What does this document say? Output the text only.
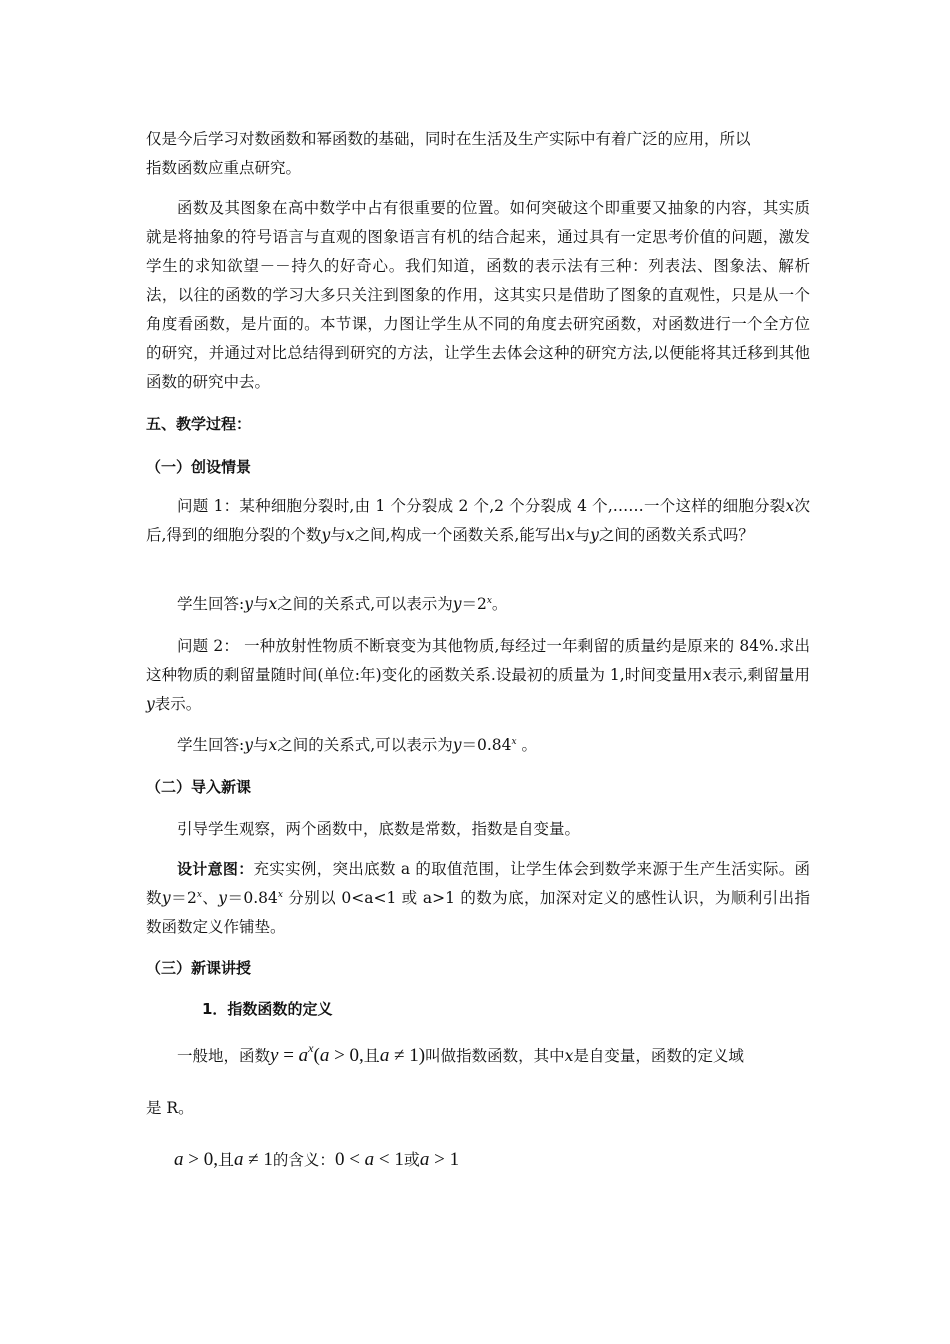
仅是今后学习对数函数和幂函数的基础，同时在生活及生产实际中有着广泛的应用，所以
指数函数应重点研究。

函数及其图象在高中数学中占有很重要的位置。如何突破这个即重要又抽象的内容，其实质就是将抽象的符号语言与直观的图象语言有机的结合起来，通过具有一定思考价值的问题，激发学生的求知欲望－－持久的好奇心。我们知道，函数的表示法有三种：列表法、图象法、解析法，以往的函数的学习大多只关注到图象的作用，这其实只是借助了图象的直观性，只是从一个角度看函数，是片面的。本节课，力图让学生从不同的角度去研究函数，对函数进行一个全方位的研究，并通过对比总结得到研究的方法，让学生去体会这种的研究方法,以便能将其迁移到其他函数的研究中去。

五、教学过程：

（一）创设情景

问题 1：某种细胞分裂时,由 1 个分裂成 2 个,2 个分裂成 4 个,……一个这样的细胞分裂x次后,得到的细胞分裂的个数y与x之间,构成一个函数关系,能写出x与y之间的函数关系式吗？

学生回答:y与x之间的关系式,可以表示为$y=2^x$。

问题 2： 一种放射性物质不断衰变为其他物质,每经过一年剩留的质量约是原来的 84%.求出这种物质的剩留量随时间(单位:年)变化的函数关系.设最初的质量为 1,时间变量用x表示,剩留量用y表示。

学生回答:y与x之间的关系式,可以表示为$y=0.84^x$ 。

（二）导入新课

引导学生观察，两个函数中，底数是常数，指数是自变量。

设计意图：充实实例，突出底数 a 的取值范围，让学生体会到数学来源于生产生活实际。函数$y=2^x$、$y=0.84^x$ 分别以 0<a<1 或 a>1 的数为底，加深对定义的感性认识，为顺利引出指数函数定义作铺垫。

（三）新课讲授

1．指数函数的定义

一般地，函数$y = a^x(a > 0$,且a ≠ 1)叫做指数函数，其中x是自变量，函数的定义域

是 R。

a > 0,且a ≠ 1的含义：0 < a < 1或a > 1
